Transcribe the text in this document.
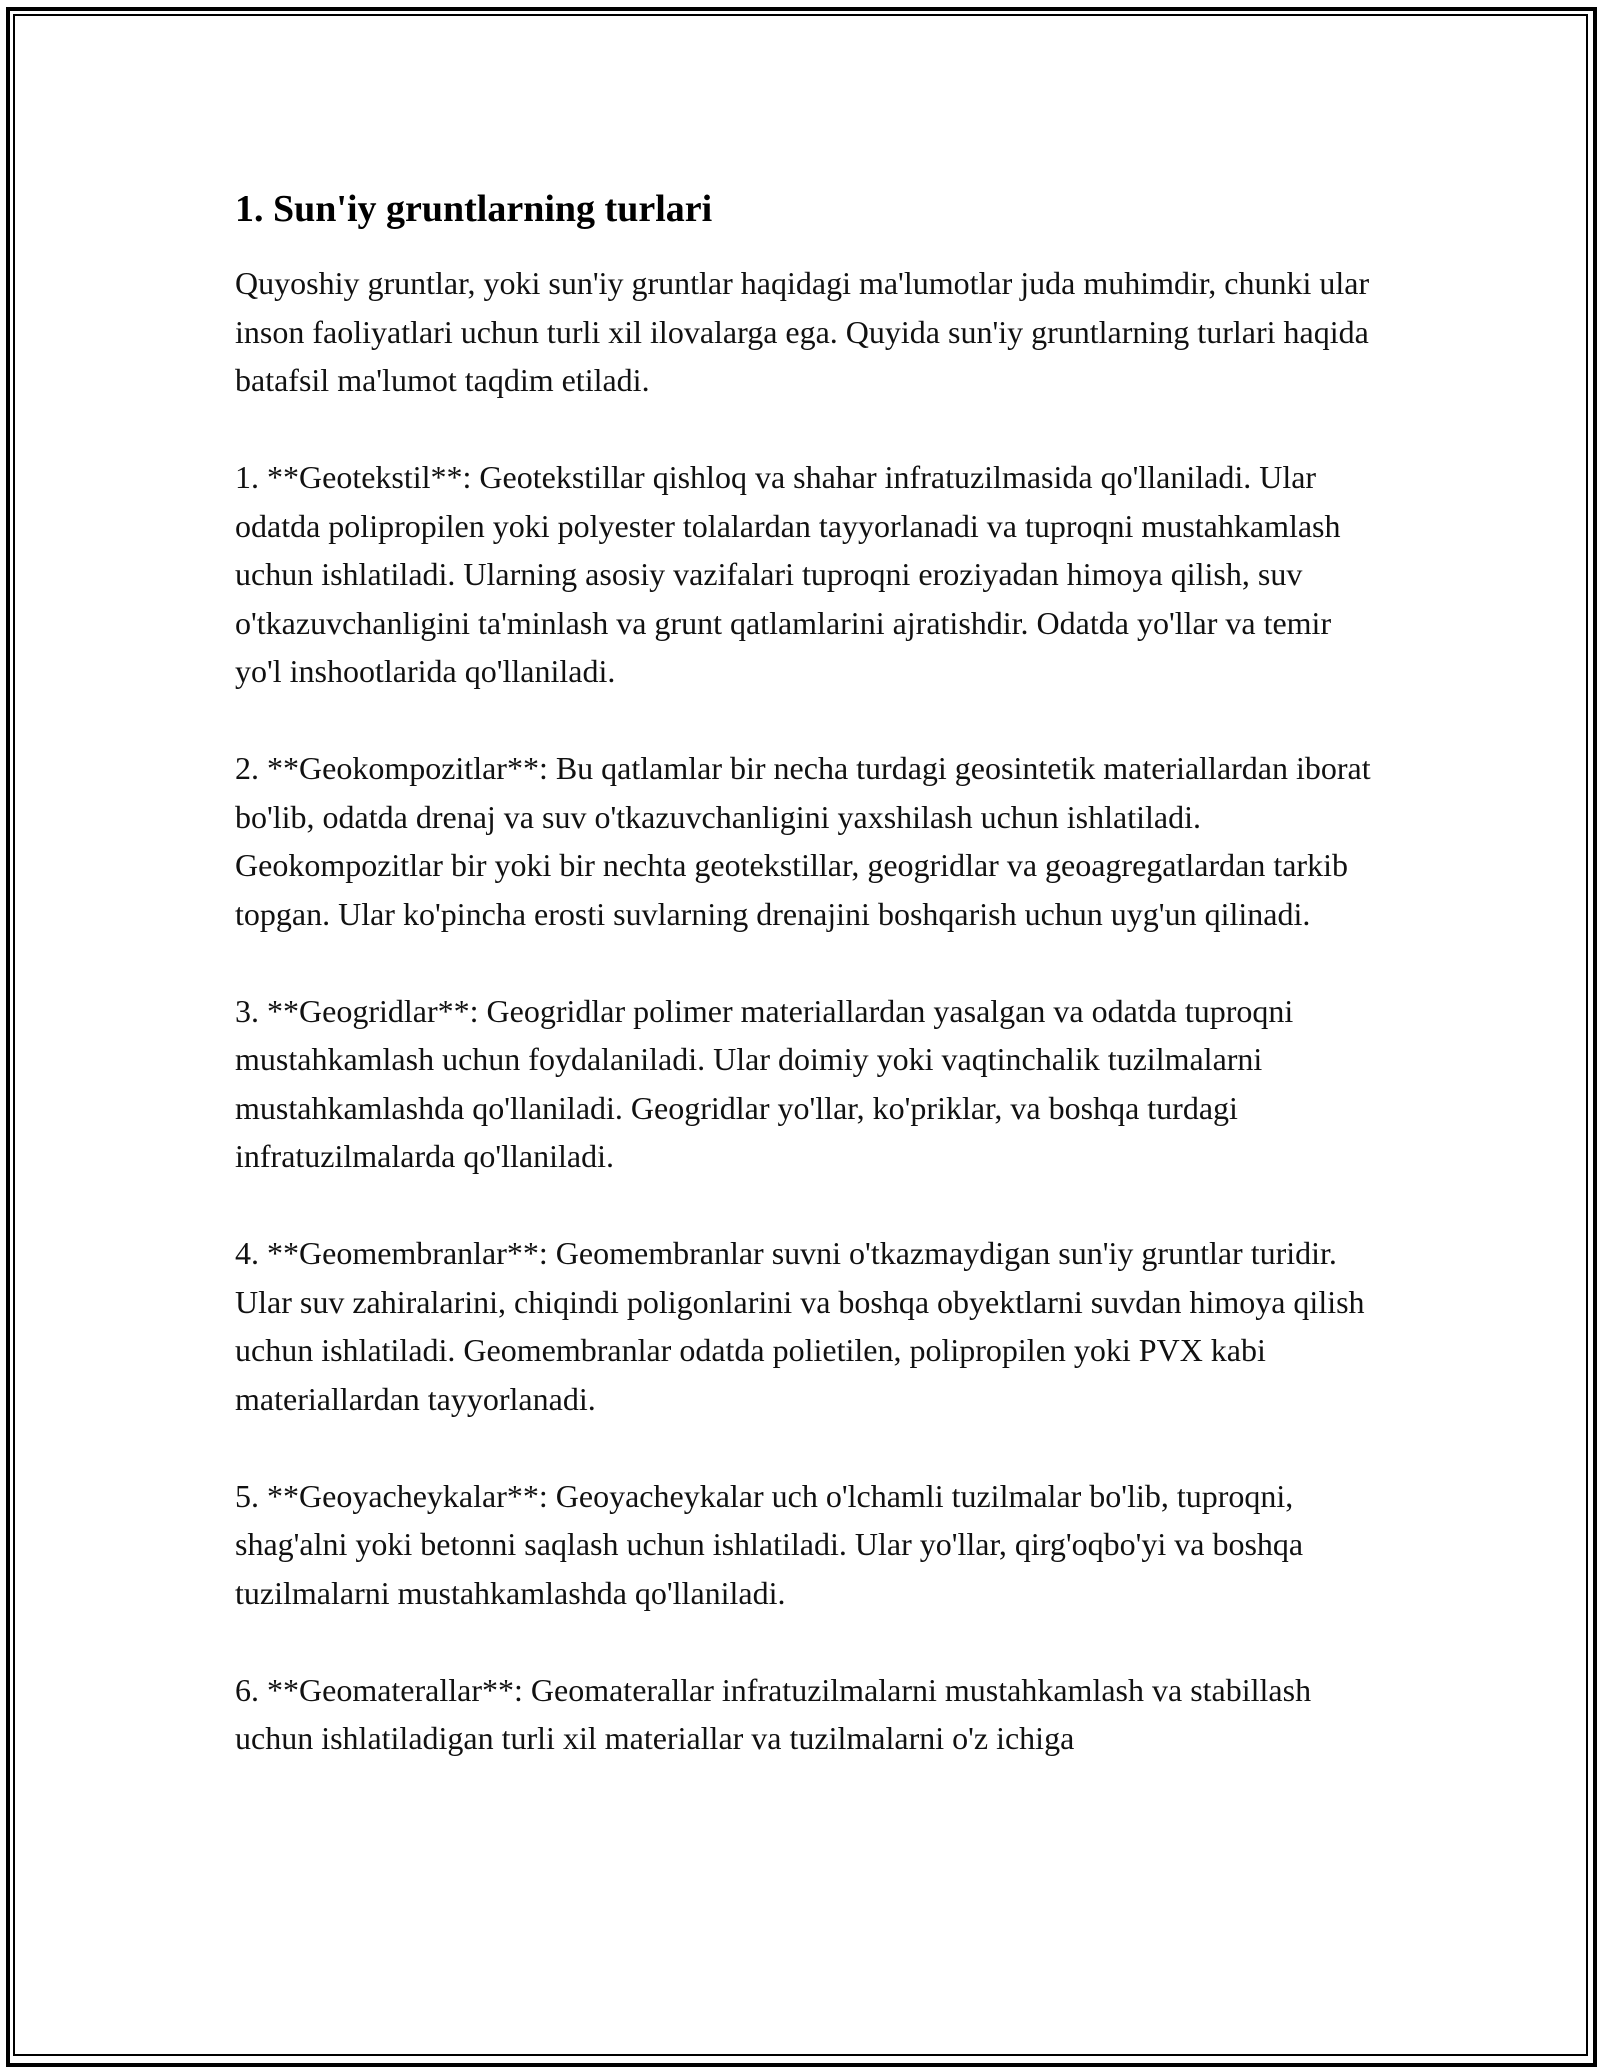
1. Sun'iy gruntlarning turlari

Quyoshiy gruntlar, yoki sun'iy gruntlar haqidagi ma'lumotlar juda muhimdir, chunki ular inson faoliyatlari uchun turli xil ilovalarga ega. Quyida sun'iy gruntlarning turlari haqida batafsil ma'lumot taqdim etiladi.

1. **Geotekstil**: Geotekstillar qishloq va shahar infratuzilmasida qo'llaniladi. Ular odatda polipropilen yoki polyester tolalardan tayyorlanadi va tuproqni mustahkamlash uchun ishlatiladi. Ularning asosiy vazifalari tuproqni eroziyadan himoya qilish, suv o'tkazuvchanligini ta'minlash va grunt qatlamlarini ajratishdir. Odatda yo'llar va temir yo'l inshootlarida qo'llaniladi.

2. **Geokompozitlar**: Bu qatlamlar bir necha turdagi geosintetik materiallardan iborat bo'lib, odatda drenaj va suv o'tkazuvchanligini yaxshilash uchun ishlatiladi. Geokompozitlar bir yoki bir nechta geotekstillar, geogridlar va geoagregatlardan tarkib topgan. Ular ko'pincha erosti suvlarning drenajini boshqarish uchun uyg'un qilinadi.

3. **Geogridlar**: Geogridlar polimer materiallardan yasalgan va odatda tuproqni mustahkamlash uchun foydalaniladi. Ular doimiy yoki vaqtinchalik tuzilmalarni mustahkamlashda qo'llaniladi. Geogridlar yo'llar, ko'priklar, va boshqa turdagi infratuzilmalarda qo'llaniladi.

4. **Geomembranlar**: Geomembranlar suvni o'tkazmaydigan sun'iy gruntlar turidir. Ular suv zahiralarini, chiqindi poligonlarini va boshqa obyektlarni suvdan himoya qilish uchun ishlatiladi. Geomembranlar odatda polietilen, polipropilen yoki PVX kabi materiallardan tayyorlanadi.

5. **Geoyacheykalar**: Geoyacheykalar uch o'lchamli tuzilmalar bo'lib, tuproqni, shag'alni yoki betonni saqlash uchun ishlatiladi. Ular yo'llar, qirg'oqbo'yi va boshqa tuzilmalarni mustahkamlashda qo'llaniladi.

6. **Geomaterallar**: Geomaterallar infratuzilmalarni mustahkamlash va stabillash uchun ishlatiladigan turli xil materiallar va tuzilmalarni o'z ichiga
